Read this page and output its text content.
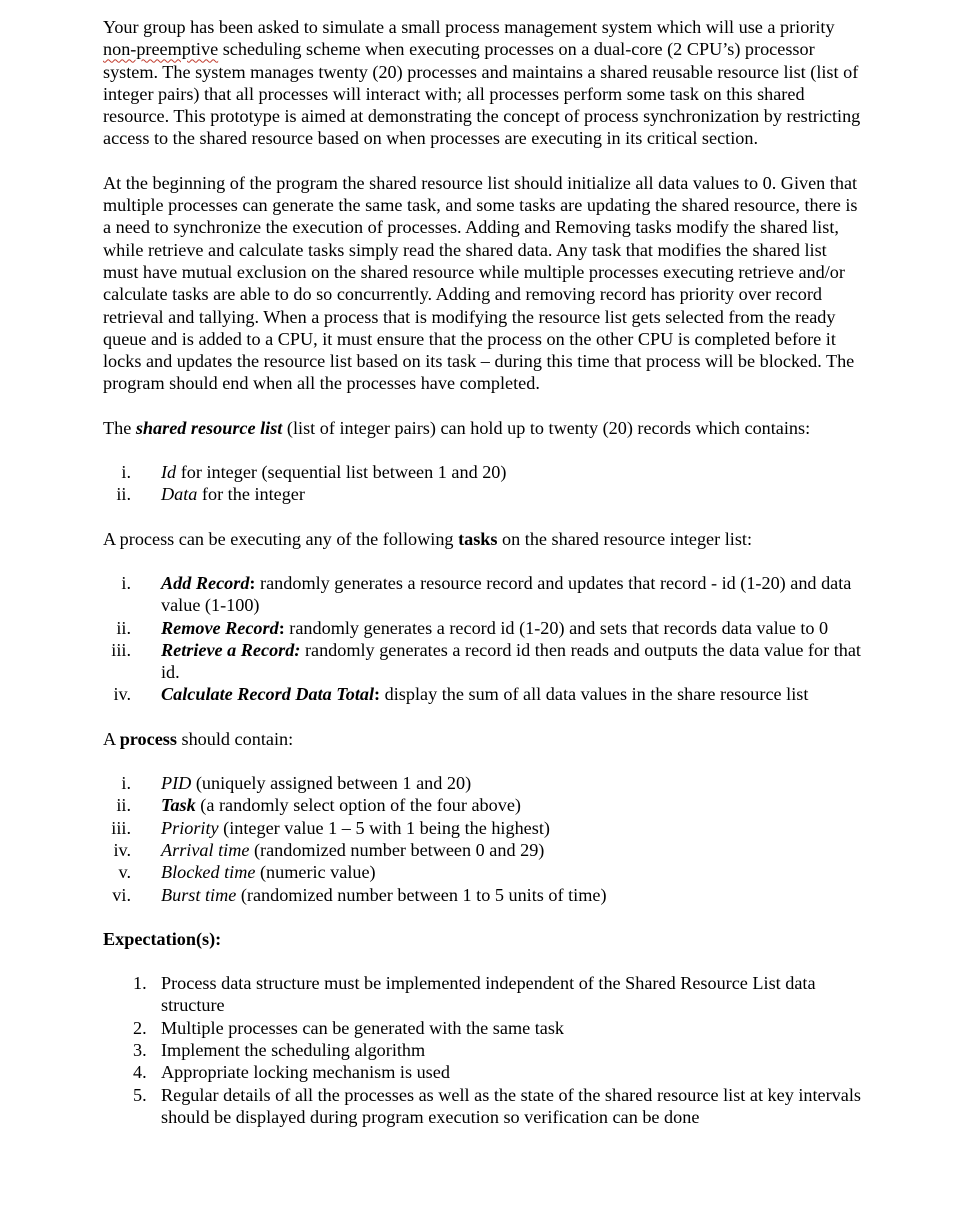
Your group has been asked to simulate a small process management system which will use a priority non-preemptive scheduling scheme when executing processes on a dual-core (2 CPU’s) processor system. The system manages twenty (20) processes and maintains a shared reusable resource list (list of integer pairs) that all processes will interact with; all processes perform some task on this shared resource. This prototype is aimed at demonstrating the concept of process synchronization by restricting access to the shared resource based on when processes are executing in its critical section.

At the beginning of the program the shared resource list should initialize all data values to 0. Given that multiple processes can generate the same task, and some tasks are updating the shared resource, there is a need to synchronize the execution of processes. Adding and Removing tasks modify the shared list, while retrieve and calculate tasks simply read the shared data. Any task that modifies the shared list must have mutual exclusion on the shared resource while multiple processes executing retrieve and/or calculate tasks are able to do so concurrently. Adding and removing record has priority over record retrieval and tallying. When a process that is modifying the resource list gets selected from the ready queue and is added to a CPU, it must ensure that the process on the other CPU is completed before it locks and updates the resource list based on its task – during this time that process will be blocked. The program should end when all the processes have completed.

The shared resource list (list of integer pairs) can hold up to twenty (20) records which contains:

i. Id for integer (sequential list between 1 and 20)
ii. Data for the integer

A process can be executing any of the following tasks on the shared resource integer list:

i. Add Record: randomly generates a resource record and updates that record - id (1-20) and data value (1-100)
ii. Remove Record: randomly generates a record id (1-20) and sets that records data value to 0
iii. Retrieve a Record: randomly generates a record id then reads and outputs the data value for that id.
iv. Calculate Record Data Total: display the sum of all data values in the share resource list

A process should contain:

i. PID (uniquely assigned between 1 and 20)
ii. Task (a randomly select option of the four above)
iii. Priority (integer value 1 – 5 with 1 being the highest)
iv. Arrival time (randomized number between 0 and 29)
v. Blocked time (numeric value)
vi. Burst time (randomized number between 1 to 5 units of time)

Expectation(s):

1. Process data structure must be implemented independent of the Shared Resource List data structure
2. Multiple processes can be generated with the same task
3. Implement the scheduling algorithm
4. Appropriate locking mechanism is used
5. Regular details of all the processes as well as the state of the shared resource list at key intervals should be displayed during program execution so verification can be done
